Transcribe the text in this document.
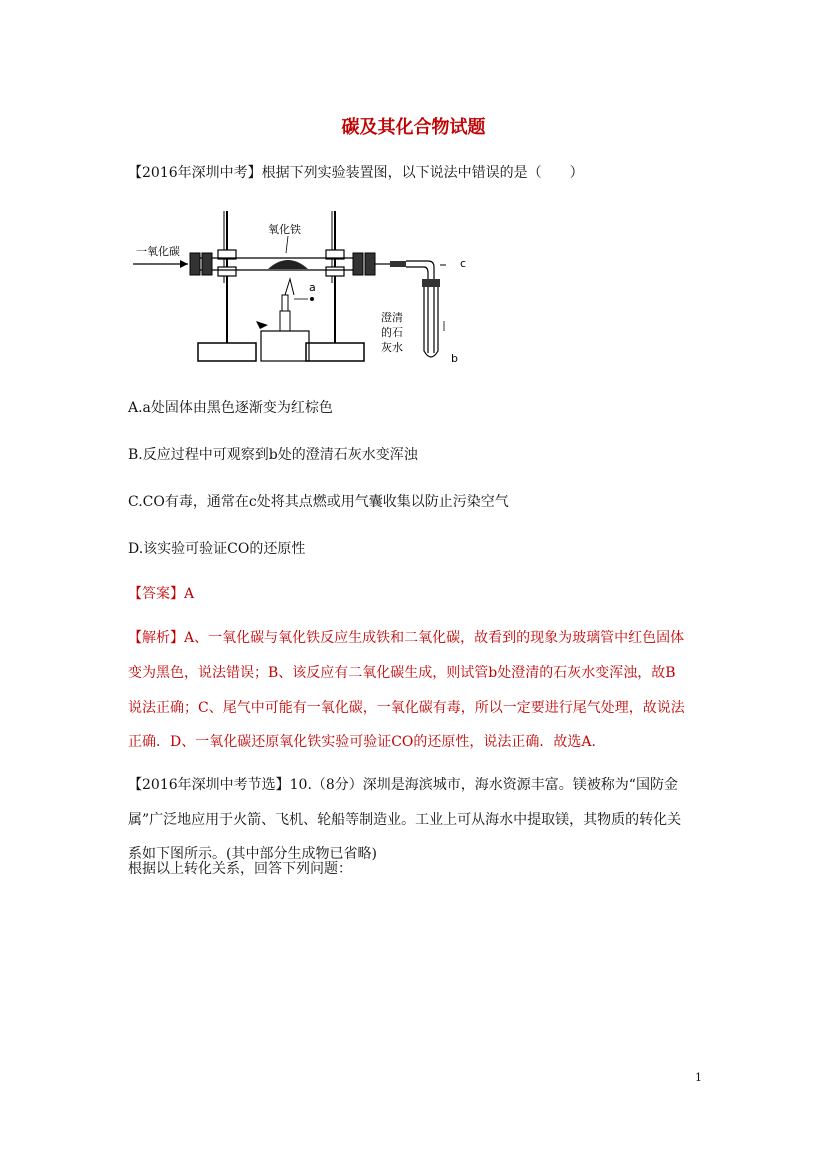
碳及其化合物试题
【2016年深圳中考】根据下列实验装置图，以下说法中错误的是（　　）
一氧化碳
氧化铁
a
c
b
澄清
的石
灰水
A.a处固体由黑色逐渐变为红棕色
B.反应过程中可观察到b处的澄清石灰水变浑浊
C.CO有毒，通常在c处将其点燃或用气囊收集以防止污染空气
D.该实验可验证CO的还原性
【答案】A
【解析】A、一氧化碳与氧化铁反应生成铁和二氧化碳，故看到的现象为玻璃管中红色固体
变为黑色，说法错误；B、该反应有二氧化碳生成，则试管b处澄清的石灰水变浑浊，故B
说法正确；C、尾气中可能有一氧化碳，一氧化碳有毒，所以一定要进行尾气处理，故说法
正确．D、一氧化碳还原氧化铁实验可验证CO的还原性，说法正确．故选A．
【2016年深圳中考节选】10.（8分）深圳是海滨城市，海水资源丰富。镁被称为“国防金
属”广泛地应用于火箭、飞机、轮船等制造业。工业上可从海水中提取镁，其物质的转化关
系如下图所示。(其中部分生成物已省略)
根据以上转化关系，回答下列问题：
1
